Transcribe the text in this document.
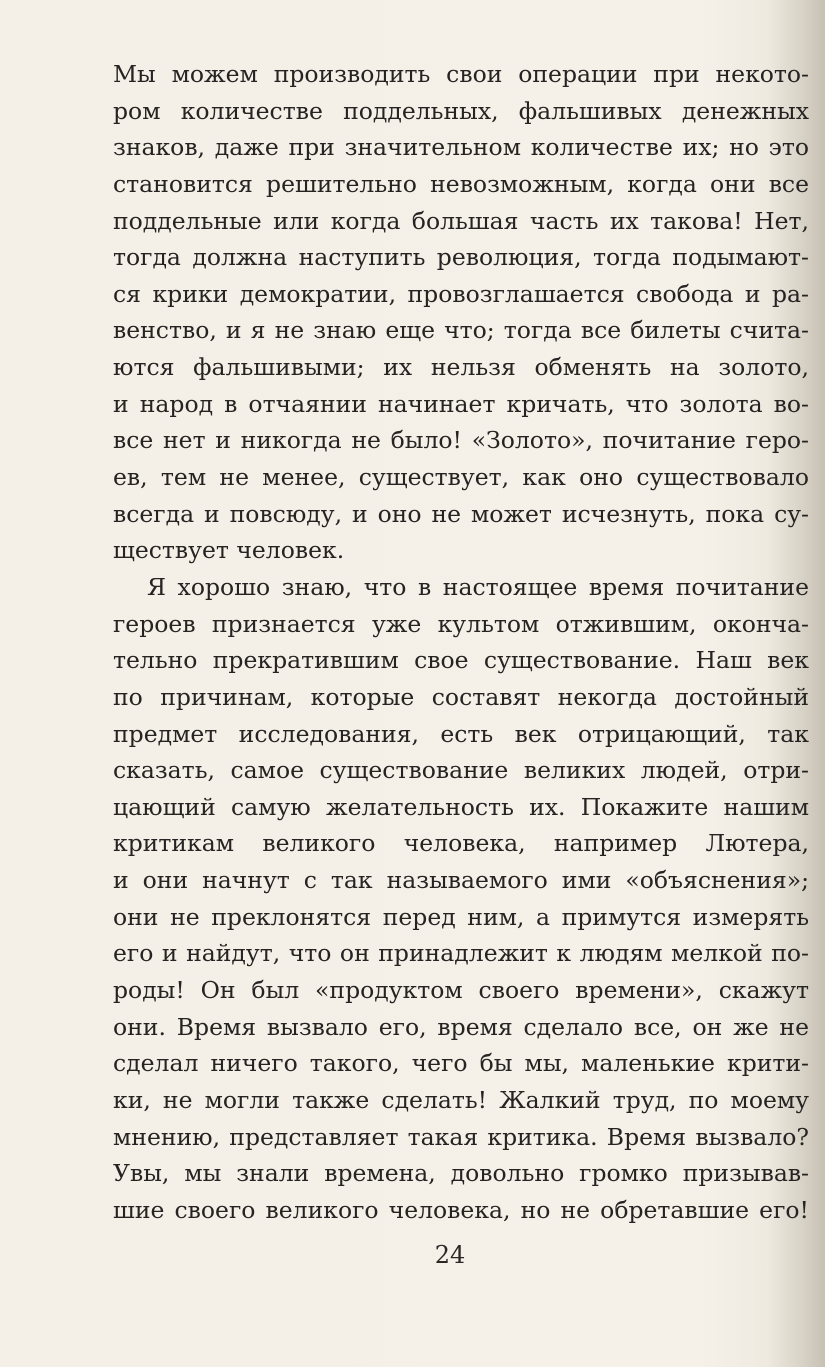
Мы можем производить свои операции при некото-
ром количестве поддельных, фальшивых денежных
знаков, даже при значительном количестве их; но это
становится решительно невозможным, когда они все
поддельные или когда большая часть их такова! Нет,
тогда должна наступить революция, тогда подымают-
ся крики демократии, провозглашается свобода и ра-
венство, и я не знаю еще что; тогда все билеты счита-
ются фальшивыми; их нельзя обменять на золото,
и народ в отчаянии начинает кричать, что золота во-
все нет и никогда не было! «Золото», почитание геро-
ев, тем не менее, существует, как оно существовало
всегда и повсюду, и оно не может исчезнуть, пока су-
ществует человек.
Я хорошо знаю, что в настоящее время почитание
героев признается уже культом отжившим, оконча-
тельно прекратившим свое существование. Наш век
по причинам, которые составят некогда достойный
предмет исследования, есть век отрицающий, так
сказать, самое существование великих людей, отри-
цающий самую желательность их. Покажите нашим
критикам великого человека, например Лютера,
и они начнут с так называемого ими «объяснения»;
они не преклонятся перед ним, а примутся измерять
его и найдут, что он принадлежит к людям мелкой по-
роды! Он был «продуктом своего времени», скажут
они. Время вызвало его, время сделало все, он же не
сделал ничего такого, чего бы мы, маленькие крити-
ки, не могли также сделать! Жалкий труд, по моему
мнению, представляет такая критика. Время вызвало?
Увы, мы знали времена, довольно громко призывав-
шие своего великого человека, но не обретавшие его!
24
